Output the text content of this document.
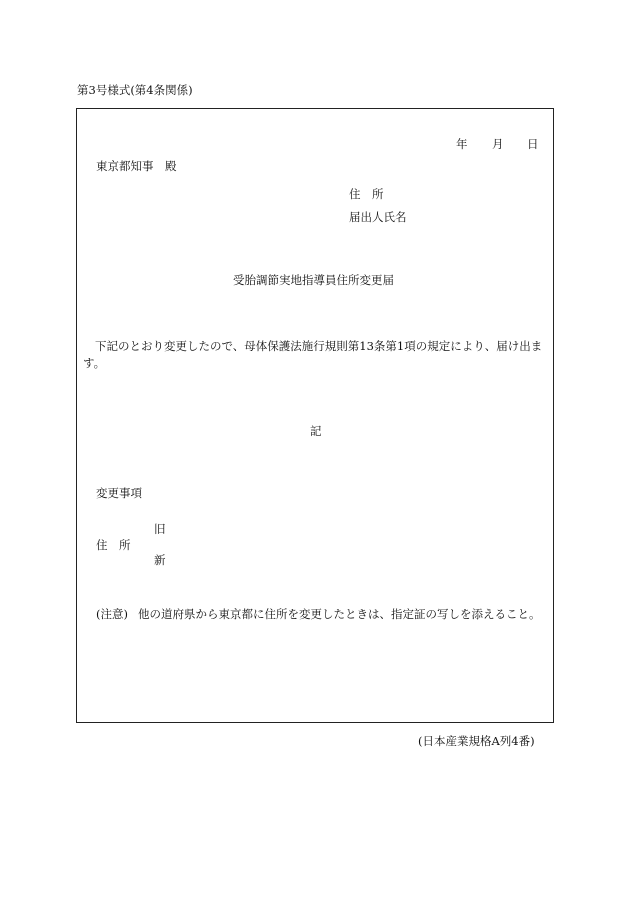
第3号様式(第4条関係)
年 月 日
東京都知事　殿
住　所
届出人氏名
受胎調節実地指導員住所変更届
下記のとおり変更したので、母体保護法施行規則第13条第1項の規定により、届け出ま
す。
記
変更事項
旧
住　所
新
(注意) 他の道府県から東京都に住所を変更したときは、指定証の写しを添えること。
(日本産業規格A列4番)
